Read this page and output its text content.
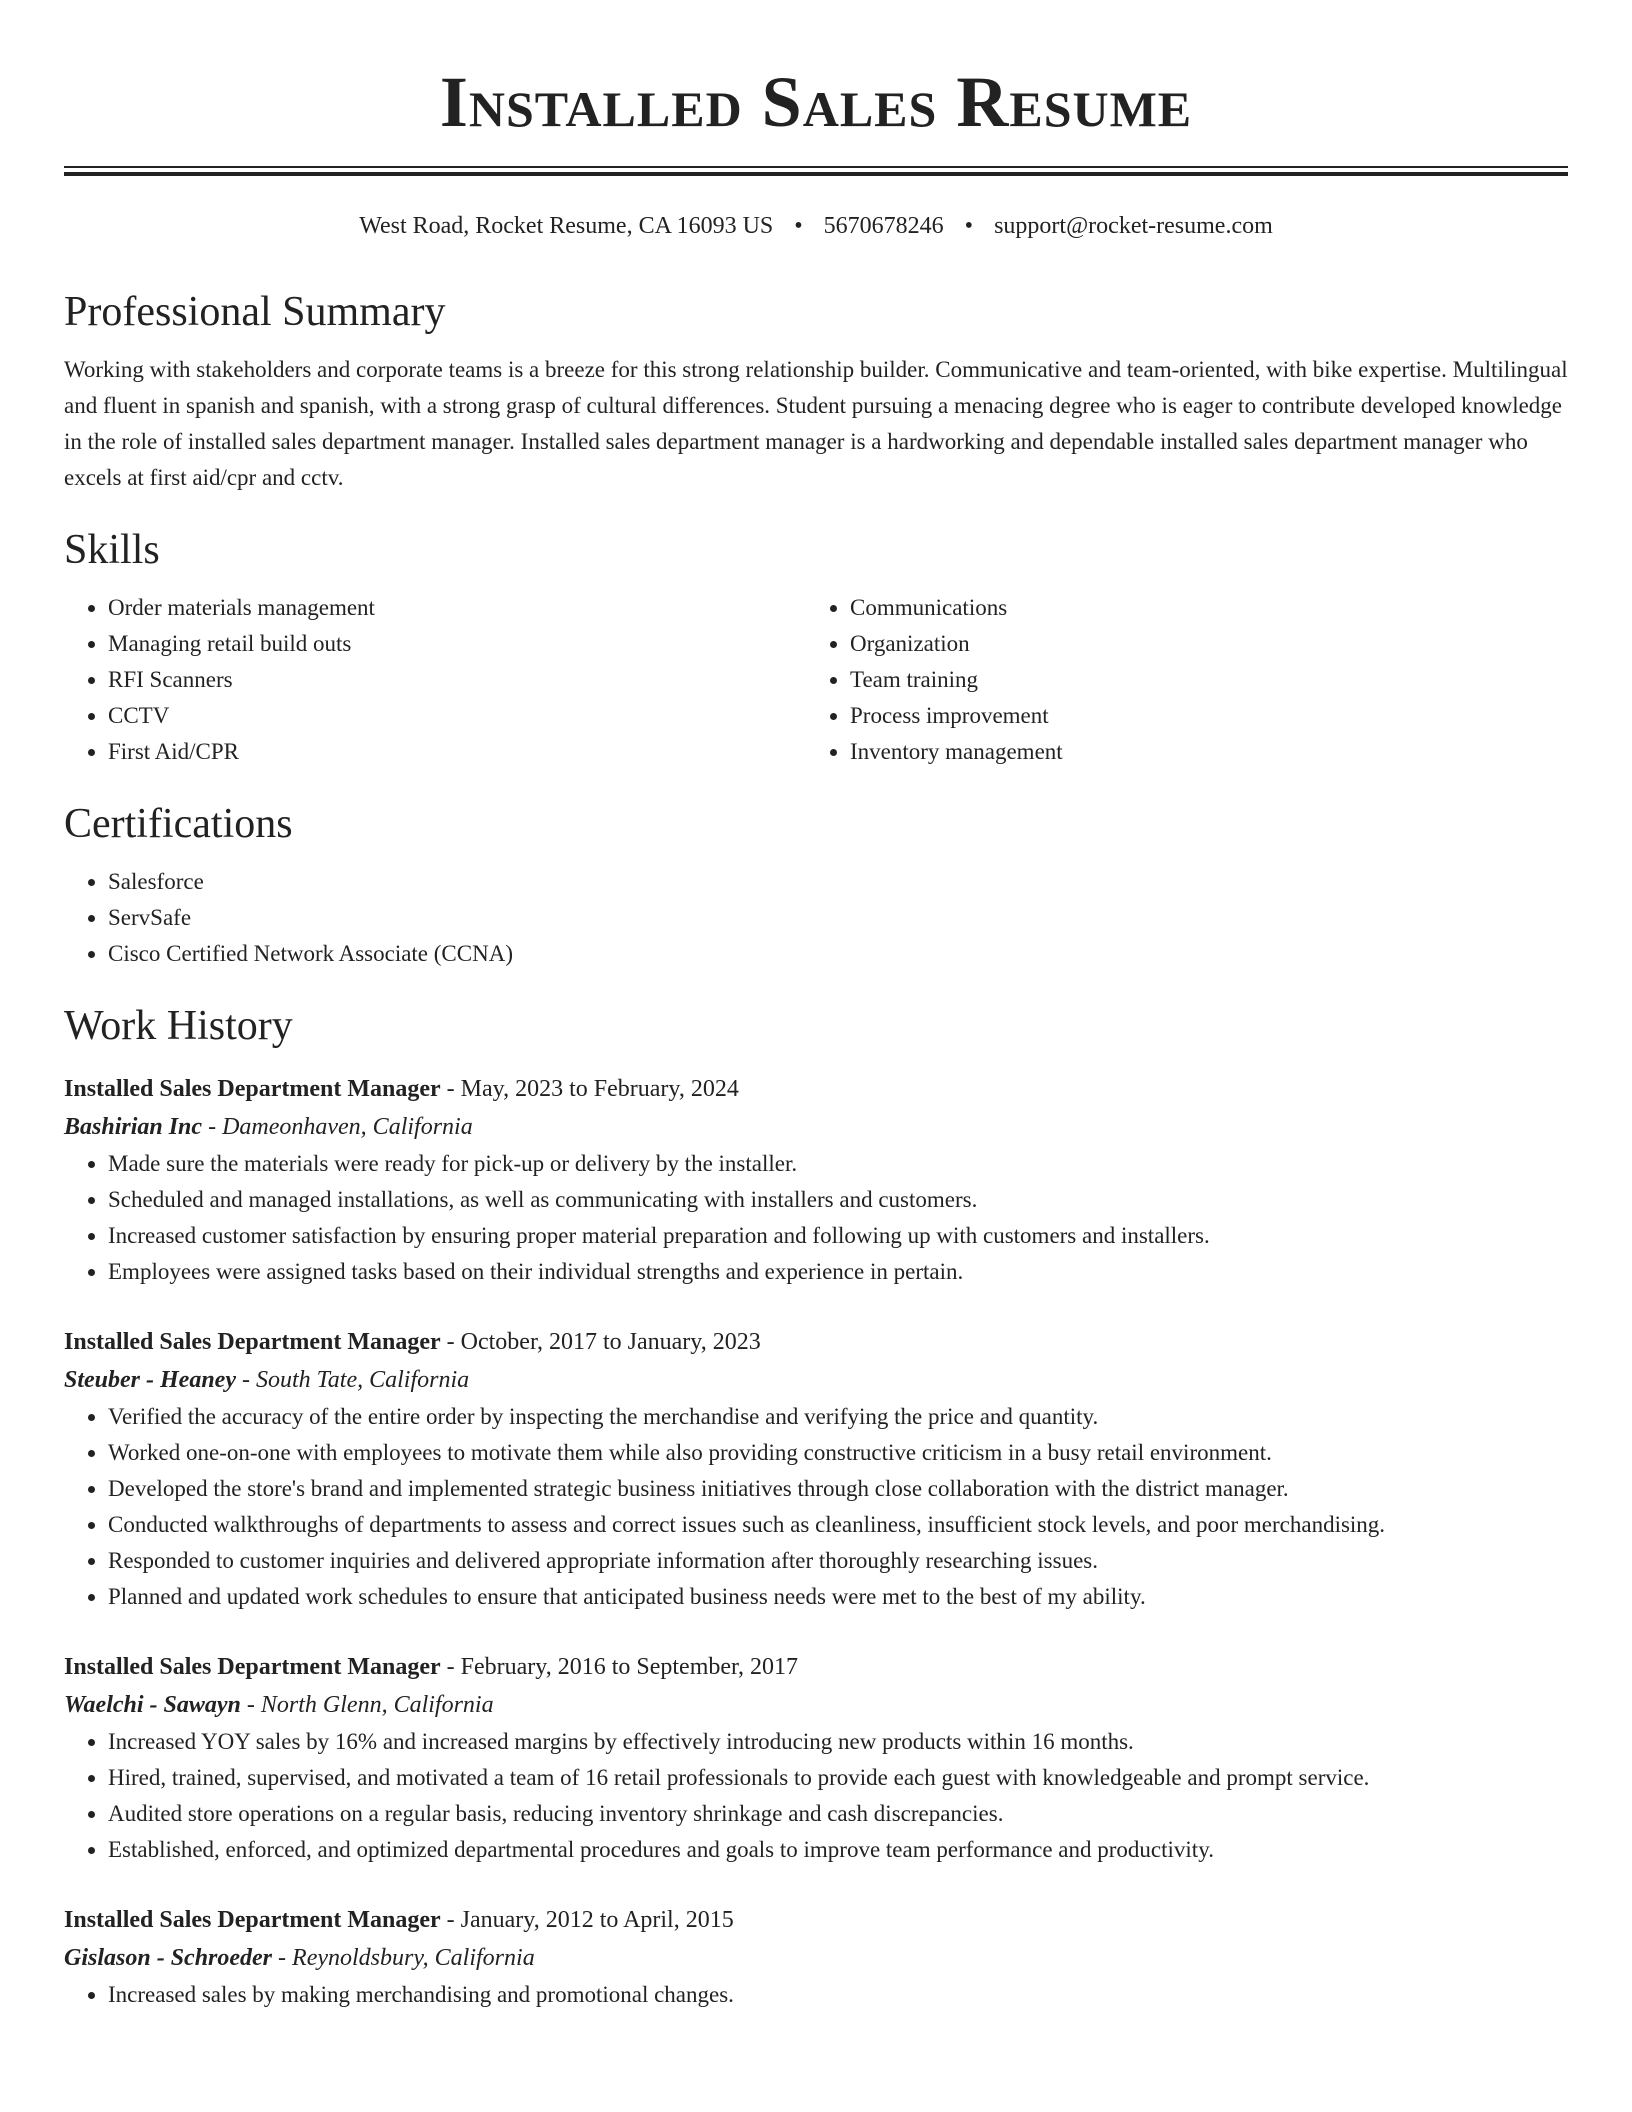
Installed Sales Resume
West Road, Rocket Resume, CA 16093 US • 5670678246 • support@rocket-resume.com
Professional Summary

Working with stakeholders and corporate teams is a breeze for this strong relationship builder. Communicative and team-oriented, with bike expertise. Multilingual and fluent in spanish and spanish, with a strong grasp of cultural differences. Student pursuing a menacing degree who is eager to contribute developed knowledge in the role of installed sales department manager. Installed sales department manager is a hardworking and dependable installed sales department manager who excels at first aid/cpr and cctv.

Skills
• Order materials management
• Managing retail build outs
• RFI Scanners
• CCTV
• First Aid/CPR
• Communications
• Organization
• Team training
• Process improvement
• Inventory management
Certifications
• Salesforce
• ServSafe
• Cisco Certified Network Associate (CCNA)
Work History

Installed Sales Department Manager - May, 2023 to February, 2024

Bashirian Inc - Dameonhaven, California

• Made sure the materials were ready for pick-up or delivery by the installer.
• Scheduled and managed installations, as well as communicating with installers and customers.
• Increased customer satisfaction by ensuring proper material preparation and following up with customers and installers.
• Employees were assigned tasks based on their individual strengths and experience in pertain.

Installed Sales Department Manager - October, 2017 to January, 2023

Steuber - Heaney - South Tate, California

• Verified the accuracy of the entire order by inspecting the merchandise and verifying the price and quantity.
• Worked one-on-one with employees to motivate them while also providing constructive criticism in a busy retail environment.
• Developed the store's brand and implemented strategic business initiatives through close collaboration with the district manager.
• Conducted walkthroughs of departments to assess and correct issues such as cleanliness, insufficient stock levels, and poor merchandising.
• Responded to customer inquiries and delivered appropriate information after thoroughly researching issues.
• Planned and updated work schedules to ensure that anticipated business needs were met to the best of my ability.

Installed Sales Department Manager - February, 2016 to September, 2017

Waelchi - Sawayn - North Glenn, California

• Increased YOY sales by 16% and increased margins by effectively introducing new products within 16 months.
• Hired, trained, supervised, and motivated a team of 16 retail professionals to provide each guest with knowledgeable and prompt service.
• Audited store operations on a regular basis, reducing inventory shrinkage and cash discrepancies.
• Established, enforced, and optimized departmental procedures and goals to improve team performance and productivity.

Installed Sales Department Manager - January, 2012 to April, 2015

Gislason - Schroeder - Reynoldsbury, California

• Increased sales by making merchandising and promotional changes.
